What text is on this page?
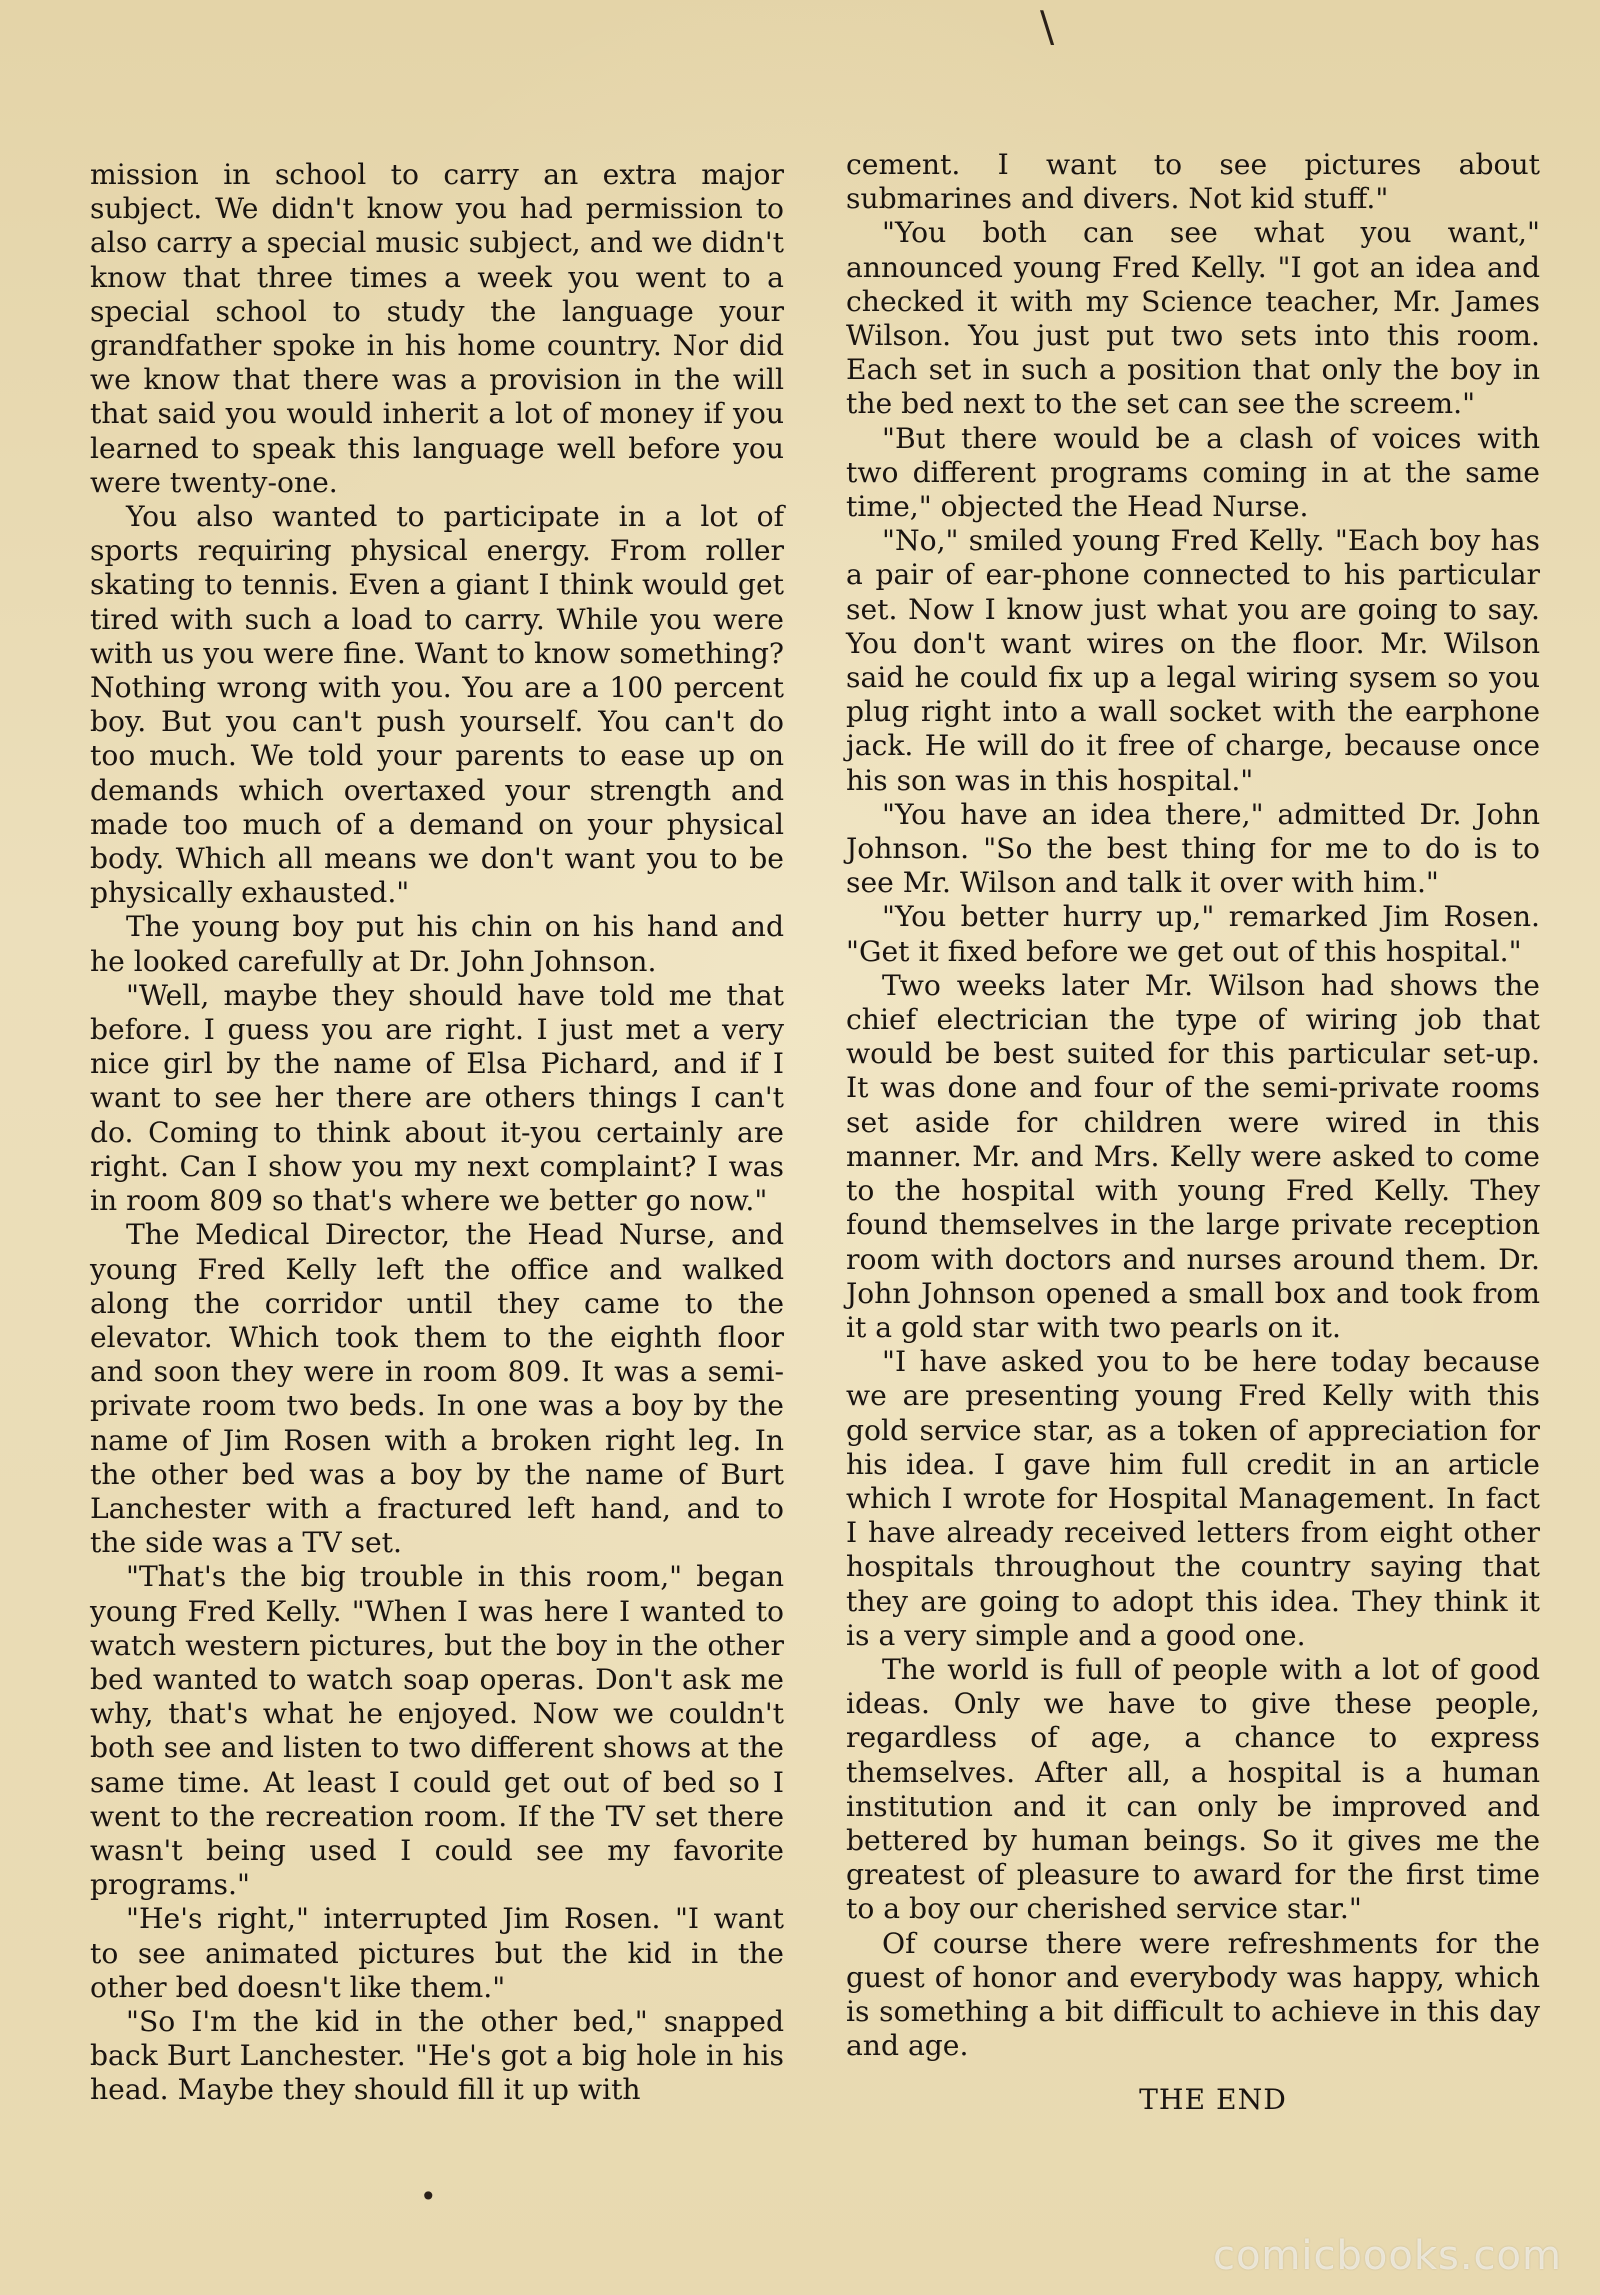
\

mission in school to carry an extra major subject. We didn't know you had permission to also carry a special music subject, and we didn't know that three times a week you went to a special school to study the language your grandfather spoke in his home country. Nor did we know that there was a provision in the will that said you would inherit a lot of money if you learned to speak this language well before you were twenty-one.

You also wanted to participate in a lot of sports requiring physical energy. From roller skating to tennis. Even a giant I think would get tired with such a load to carry. While you were with us you were fine. Want to know something? Nothing wrong with you. You are a 100 percent boy. But you can't push yourself. You can't do too much. We told your parents to ease up on demands which overtaxed your strength and made too much of a demand on your physical body. Which all means we don't want you to be physically exhausted."

The young boy put his chin on his hand and he looked carefully at Dr. John Johnson.

"Well, maybe they should have told me that before. I guess you are right. I just met a very nice girl by the name of Elsa Pichard, and if I want to see her there are others things I can't do. Coming to think about it-you certainly are right. Can I show you my next complaint? I was in room 809 so that's where we better go now."

The Medical Director, the Head Nurse, and young Fred Kelly left the office and walked along the corridor until they came to the elevator. Which took them to the eighth floor and soon they were in room 809. It was a semi-private room two beds. In one was a boy by the name of Jim Rosen with a broken right leg. In the other bed was a boy by the name of Burt Lanchester with a fractured left hand, and to the side was a TV set.

"That's the big trouble in this room," began young Fred Kelly. "When I was here I wanted to watch western pictures, but the boy in the other bed wanted to watch soap operas. Don't ask me why, that's what he enjoyed. Now we couldn't both see and listen to two different shows at the same time. At least I could get out of bed so I went to the recreation room. If the TV set there wasn't being used I could see my favorite programs."

"He's right," interrupted Jim Rosen. "I want to see animated pictures but the kid in the other bed doesn't like them."

"So I'm the kid in the other bed," snapped back Burt Lanchester. "He's got a big hole in his head. Maybe they should fill it up with

cement. I want to see pictures about submarines and divers. Not kid stuff."

"You both can see what you want," announced young Fred Kelly. "I got an idea and checked it with my Science teacher, Mr. James Wilson. You just put two sets into this room. Each set in such a position that only the boy in the bed next to the set can see the screem."

"But there would be a clash of voices with two different programs coming in at the same time," objected the Head Nurse.

"No," smiled young Fred Kelly. "Each boy has a pair of ear-phone connected to his particular set. Now I know just what you are going to say. You don't want wires on the floor. Mr. Wilson said he could fix up a legal wiring sysem so you plug right into a wall socket with the earphone jack. He will do it free of charge, because once his son was in this hospital."

"You have an idea there," admitted Dr. John Johnson. "So the best thing for me to do is to see Mr. Wilson and talk it over with him."

"You better hurry up," remarked Jim Rosen. "Get it fixed before we get out of this hospital."

Two weeks later Mr. Wilson had shows the chief electrician the type of wiring job that would be best suited for this particular set-up. It was done and four of the semi-private rooms set aside for children were wired in this manner. Mr. and Mrs. Kelly were asked to come to the hospital with young Fred Kelly. They found themselves in the large private reception room with doctors and nurses around them. Dr. John Johnson opened a small box and took from it a gold star with two pearls on it.

"I have asked you to be here today because we are presenting young Fred Kelly with this gold service star, as a token of appreciation for his idea. I gave him full credit in an article which I wrote for Hospital Management. In fact I have already received letters from eight other hospitals throughout the country saying that they are going to adopt this idea. They think it is a very simple and a good one.

The world is full of people with a lot of good ideas. Only we have to give these people, regardless of age, a chance to express themselves. After all, a hospital is a human institution and it can only be improved and bettered by human beings. So it gives me the greatest of pleasure to award for the first time to a boy our cherished service star."

Of course there were refreshments for the guest of honor and everybody was happy, which is something a bit difficult to achieve in this day and age.

THE END

•
comicbooks.com
